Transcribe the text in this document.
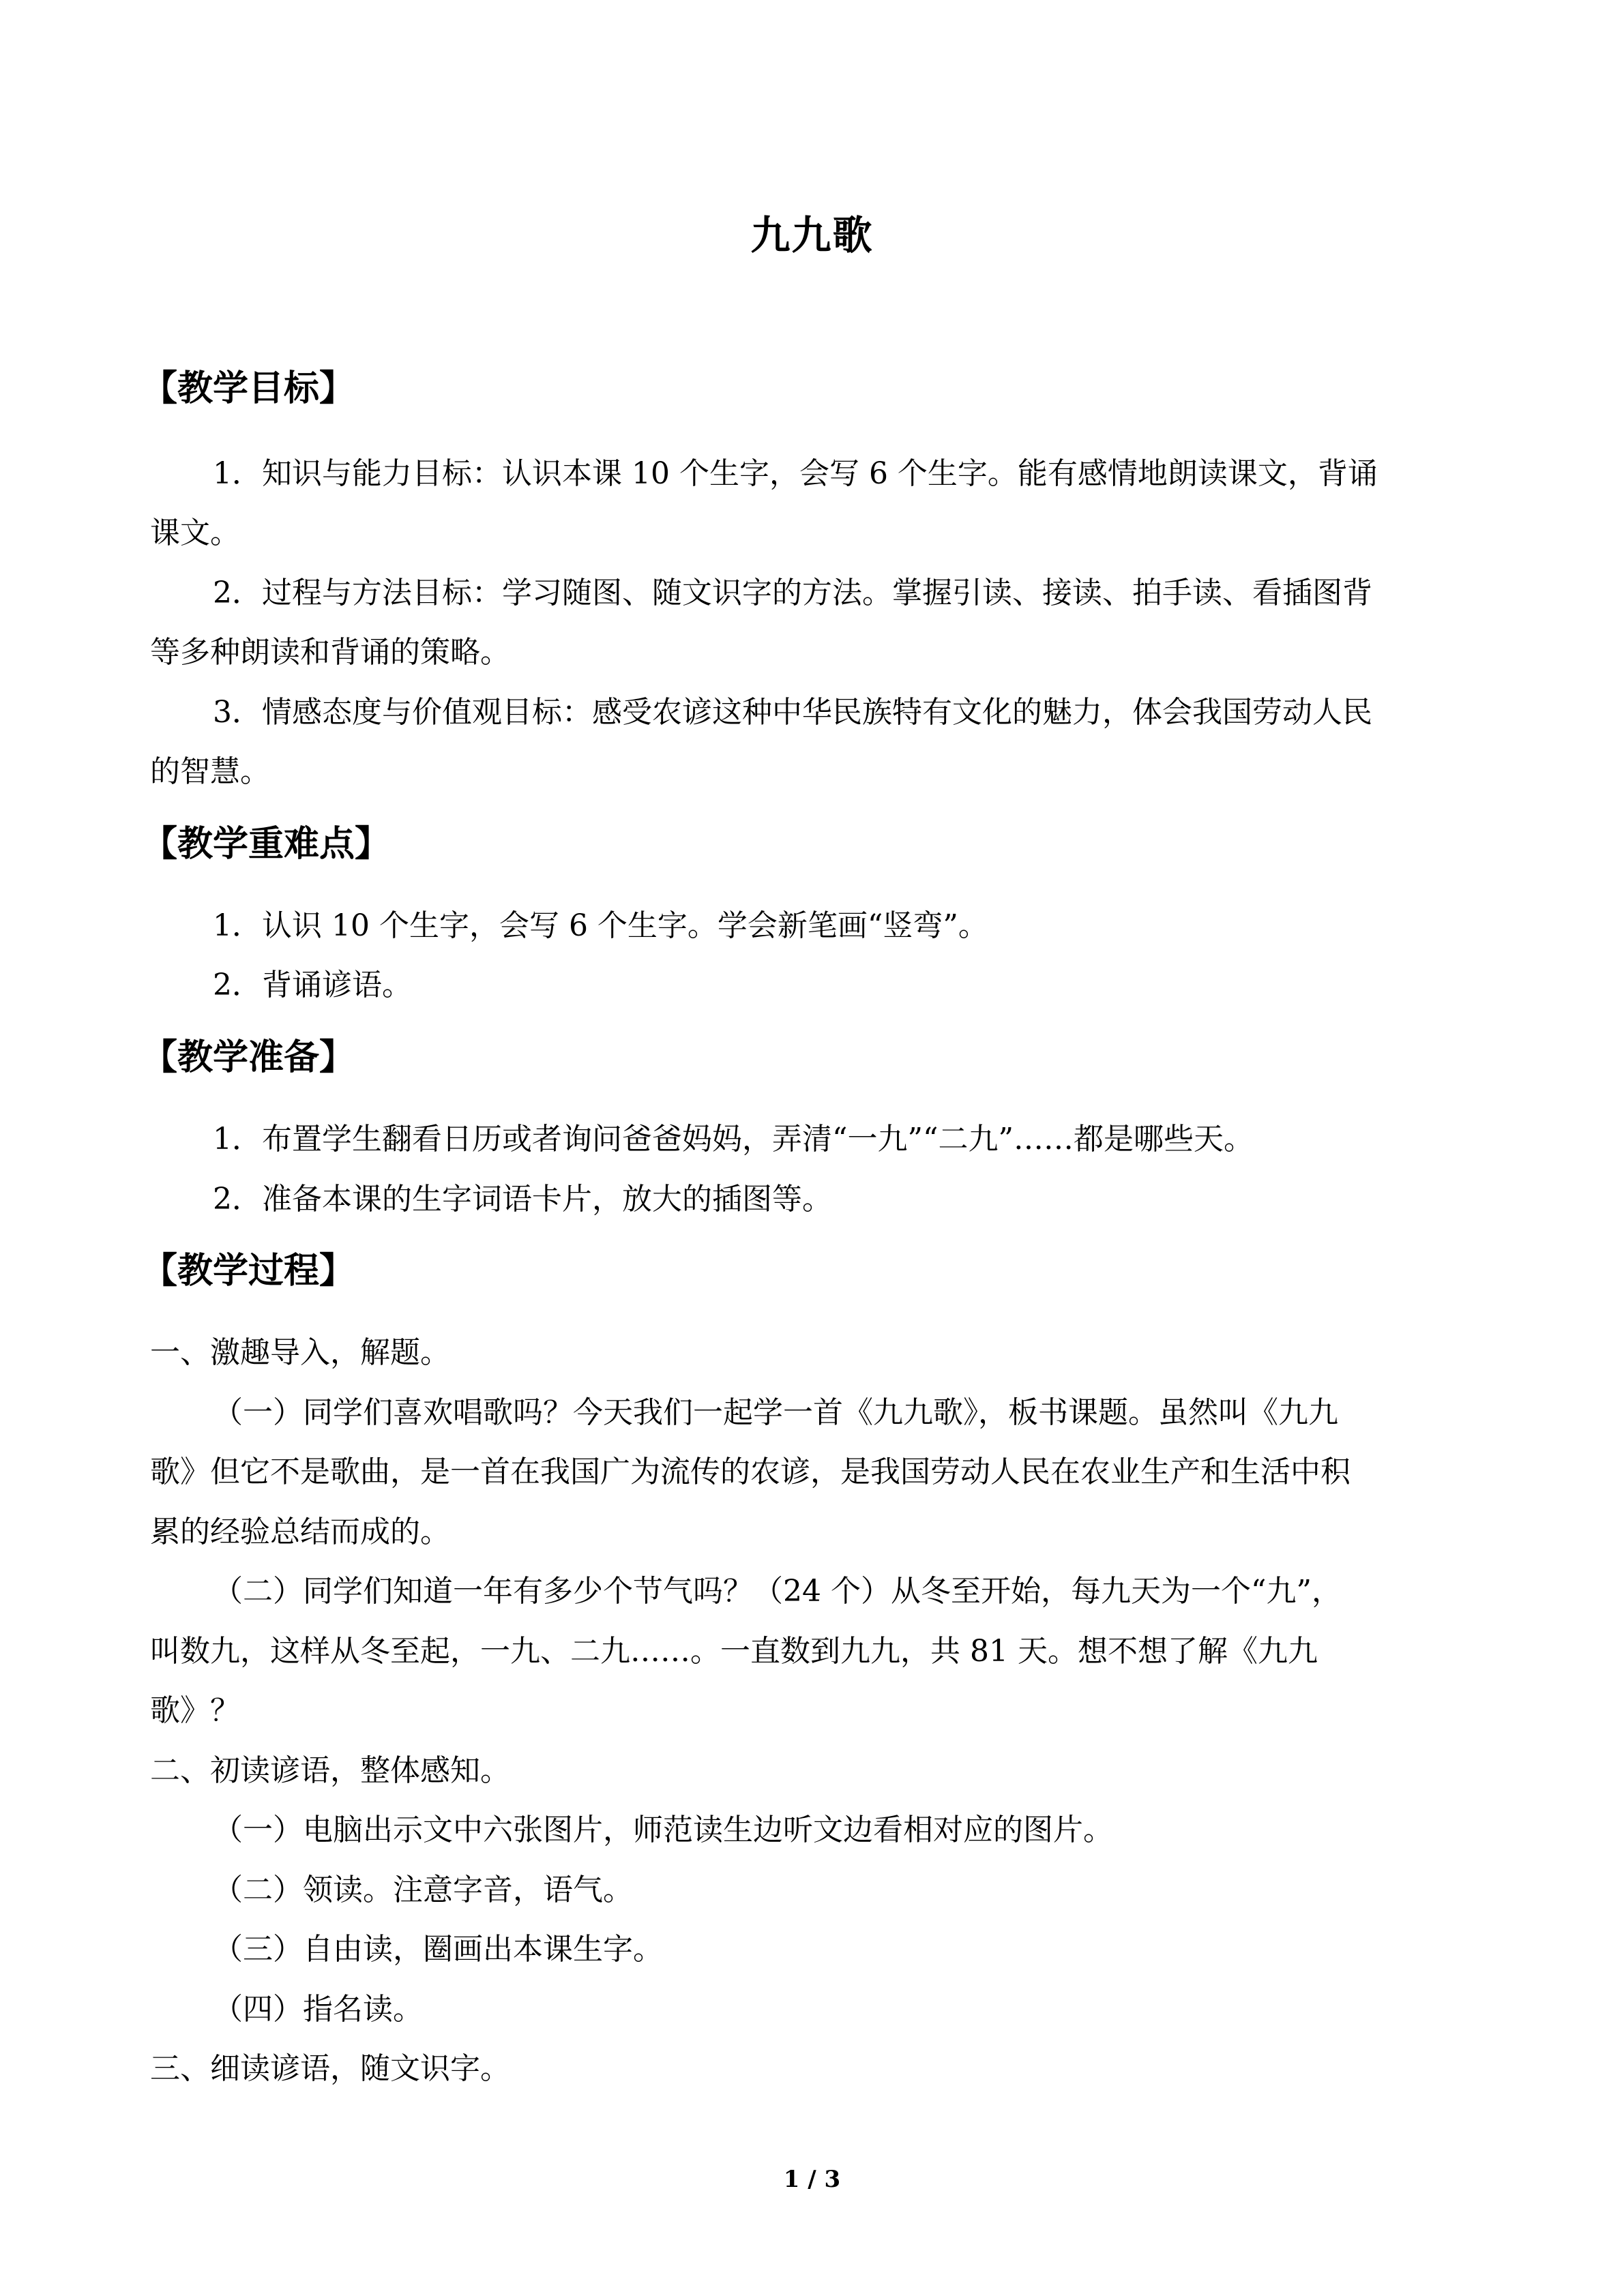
九九歌
【教学目标】
1．知识与能力目标：认识本课 10 个生字，会写 6 个生字。能有感情地朗读课文，背诵
课文。
2．过程与方法目标：学习随图、随文识字的方法。掌握引读、接读、拍手读、看插图背
等多种朗读和背诵的策略。
3．情感态度与价值观目标：感受农谚这种中华民族特有文化的魅力，体会我国劳动人民
的智慧。
【教学重难点】
1．认识 10 个生字，会写 6 个生字。学会新笔画“竖弯”。
2．背诵谚语。
【教学准备】
1．布置学生翻看日历或者询问爸爸妈妈，弄清“一九”“二九”……都是哪些天。
2．准备本课的生字词语卡片，放大的插图等。
【教学过程】
一、激趣导入，解题。
（一）同学们喜欢唱歌吗？今天我们一起学一首《九九歌》，板书课题。虽然叫《九九
歌》但它不是歌曲，是一首在我国广为流传的农谚，是我国劳动人民在农业生产和生活中积
累的经验总结而成的。
（二）同学们知道一年有多少个节气吗？（24 个）从冬至开始，每九天为一个“九”，
叫数九，这样从冬至起，一九、二九……。一直数到九九，共 81 天。想不想了解《九九
歌》？
二、初读谚语，整体感知。
（一）电脑出示文中六张图片，师范读生边听文边看相对应的图片。
（二）领读。注意字音，语气。
（三）自由读，圈画出本课生字。
（四）指名读。
三、细读谚语，随文识字。
1 / 3
